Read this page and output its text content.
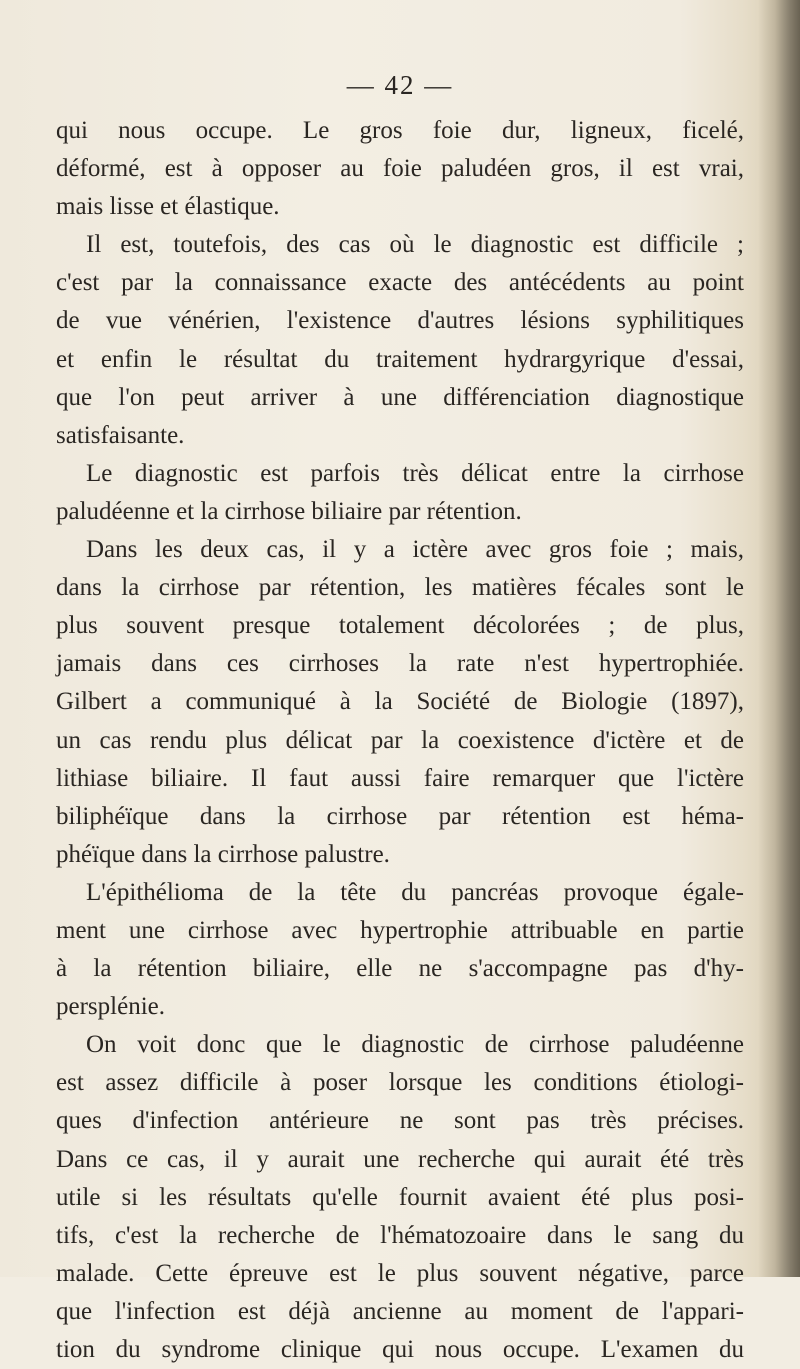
— 42 —
qui nous occupe. Le gros foie dur, ligneux, ficelé,
déformé, est à opposer au foie paludéen gros, il est vrai,
mais lisse et élastique.
Il est, toutefois, des cas où le diagnostic est difficile ;
c'est par la connaissance exacte des antécédents au point
de vue vénérien, l'existence d'autres lésions syphilitiques
et enfin le résultat du traitement hydrargyrique d'essai,
que l'on peut arriver à une différenciation diagnostique
satisfaisante.
Le diagnostic est parfois très délicat entre la cirrhose
paludéenne et la cirrhose biliaire par rétention.
Dans les deux cas, il y a ictère avec gros foie ; mais,
dans la cirrhose par rétention, les matières fécales sont le
plus souvent presque totalement décolorées ; de plus,
jamais dans ces cirrhoses la rate n'est hypertrophiée.
Gilbert a communiqué à la Société de Biologie (1897),
un cas rendu plus délicat par la coexistence d'ictère et de
lithiase biliaire. Il faut aussi faire remarquer que l'ictère
biliphéïque dans la cirrhose par rétention est héma-
phéïque dans la cirrhose palustre.
L'épithélioma de la tête du pancréas provoque égale-
ment une cirrhose avec hypertrophie attribuable en partie
à la rétention biliaire, elle ne s'accompagne pas d'hy-
persplénie.
On voit donc que le diagnostic de cirrhose paludéenne
est assez difficile à poser lorsque les conditions étiologi-
ques d'infection antérieure ne sont pas très précises.
Dans ce cas, il y aurait une recherche qui aurait été très
utile si les résultats qu'elle fournit avaient été plus posi-
tifs, c'est la recherche de l'hématozoaire dans le sang du
malade. Cette épreuve est le plus souvent négative, parce
que l'infection est déjà ancienne au moment de l'appari-
tion du syndrome clinique qui nous occupe. L'examen du
